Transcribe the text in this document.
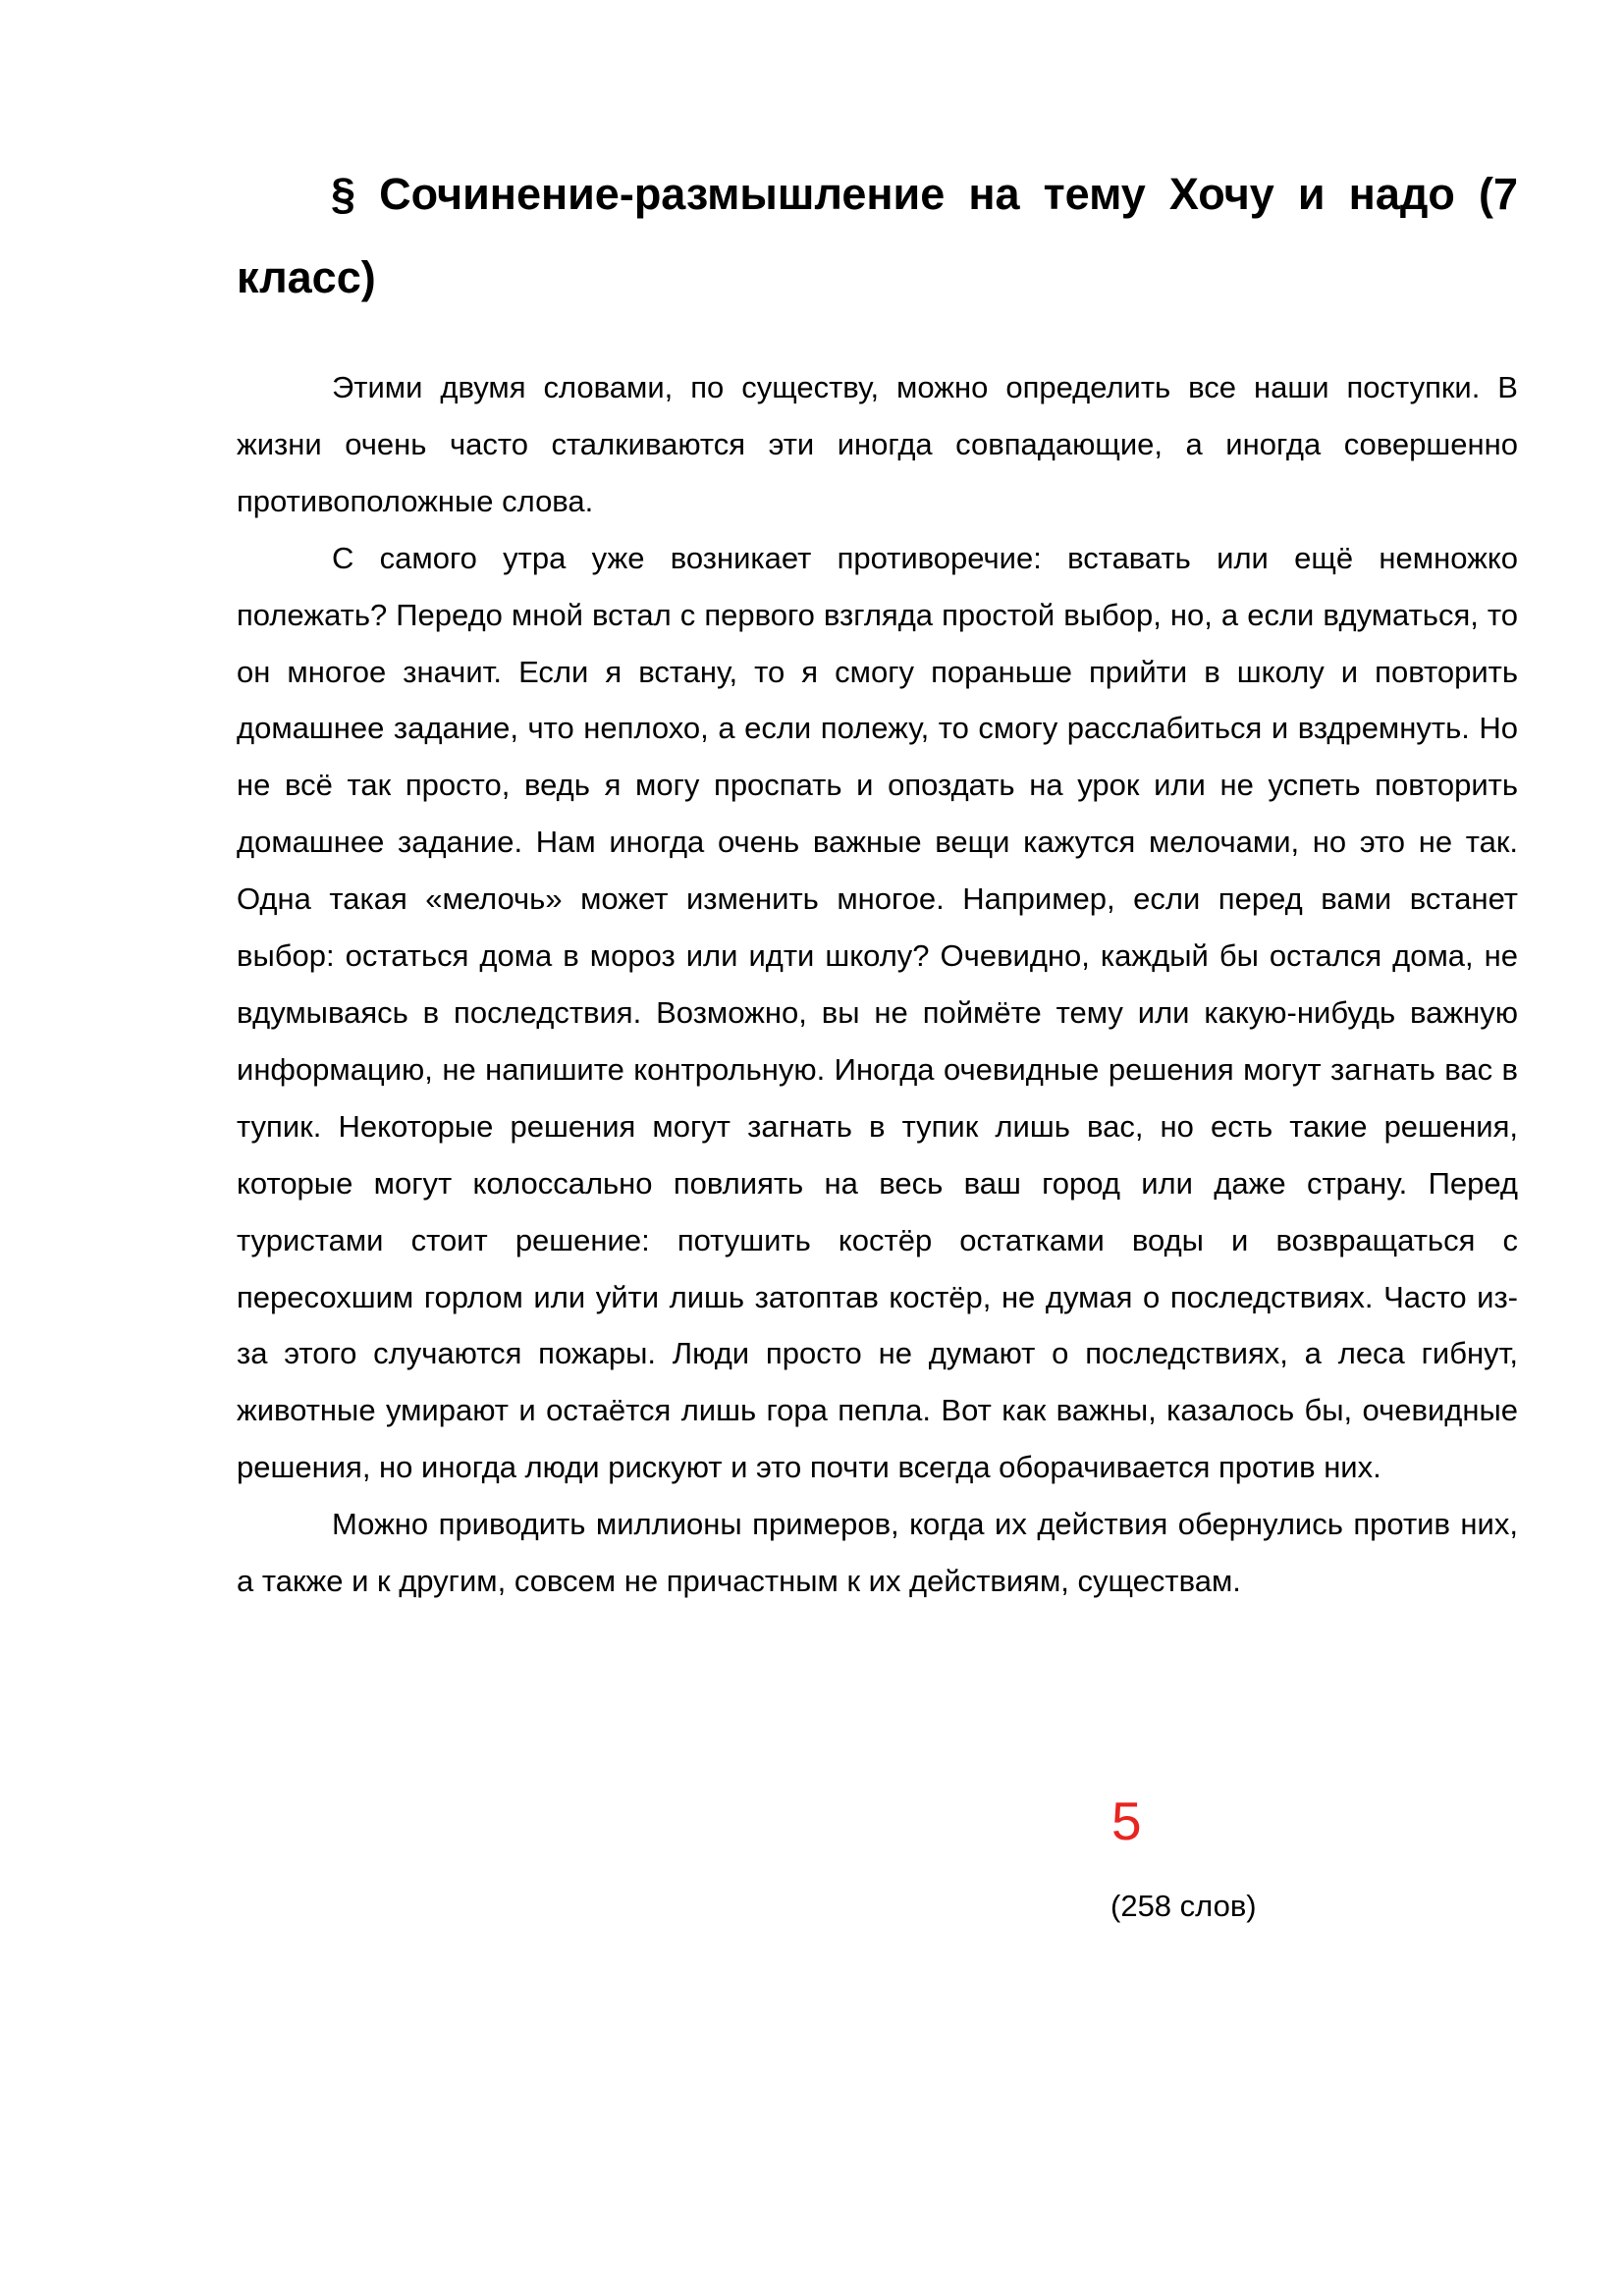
§ Сочинение-размышление на тему Хочу и надо (7 класс)

Этими двумя словами, по существу, можно определить все наши поступки. В жизни очень часто сталкиваются эти иногда совпадающие, а иногда совершенно противоположные слова.

С самого утра уже возникает противоречие: вставать или ещё немножко полежать? Передо мной встал с первого взгляда простой выбор, но, а если вдуматься, то он многое значит. Если я встану, то я смогу пораньше прийти в школу и повторить домашнее задание, что неплохо, а если полежу, то смогу расслабиться и вздремнуть. Но не всё так просто, ведь я могу проспать и опоздать на урок или не успеть повторить домашнее задание. Нам иногда очень важные вещи кажутся мелочами, но это не так. Одна такая «мелочь» может изменить многое. Например, если перед вами встанет выбор: остаться дома в мороз или идти школу? Очевидно, каждый бы остался дома, не вдумываясь в последствия. Возможно, вы не поймёте тему или какую-нибудь важную информацию, не напишите контрольную. Иногда очевидные решения могут загнать вас в тупик. Некоторые решения могут загнать в тупик лишь вас, но есть такие решения, которые могут колоссально повлиять на весь ваш город или даже страну. Перед туристами стоит решение: потушить костёр остатками воды и возвращаться с пересохшим горлом или уйти лишь затоптав костёр, не думая о последствиях. Часто из-за этого случаются пожары. Люди просто не думают о последствиях, а леса гибнут, животные умирают и остаётся лишь гора пепла. Вот как важны, казалось бы, очевидные решения, но иногда люди рискуют и это почти всегда оборачивается против них.

Можно приводить миллионы примеров, когда их действия обернулись против них, а также и к другим, совсем не причастным к их действиям, существам.

5
(258 слов)
